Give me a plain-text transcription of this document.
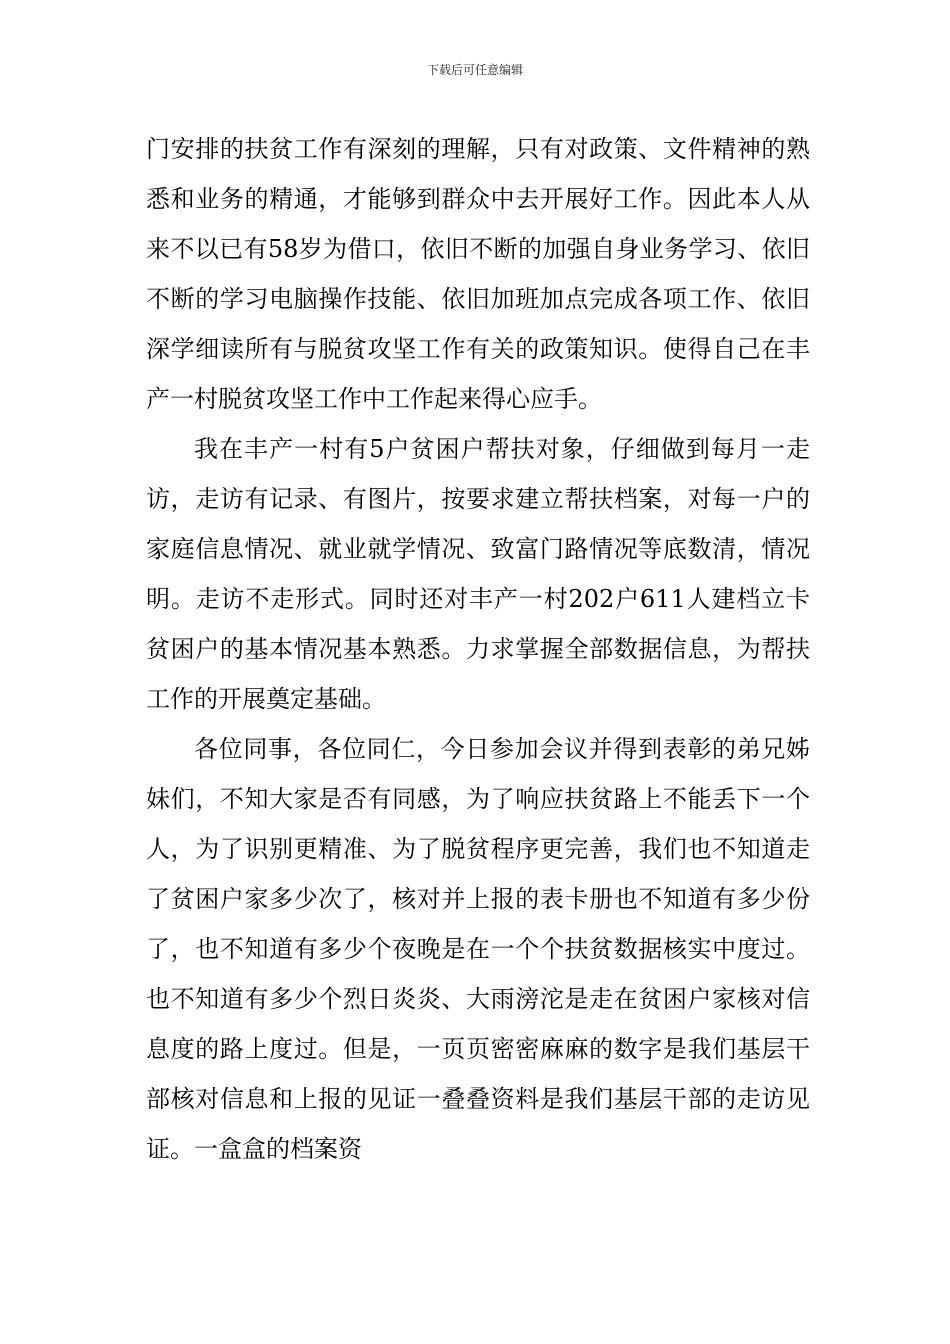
下载后可任意编辑

门安排的扶贫工作有深刻的理解，只有对政策、文件精神的熟悉和业务的精通，才能够到群众中去开展好工作。因此本人从来不以已有58岁为借口，依旧不断的加强自身业务学习、依旧不断的学习电脑操作技能、依旧加班加点完成各项工作、依旧深学细读所有与脱贫攻坚工作有关的政策知识。使得自己在丰产一村脱贫攻坚工作中工作起来得心应手。

我在丰产一村有5户贫困户帮扶对象，仔细做到每月一走访，走访有记录、有图片，按要求建立帮扶档案，对每一户的家庭信息情况、就业就学情况、致富门路情况等底数清，情况明。走访不走形式。同时还对丰产一村202户611人建档立卡贫困户的基本情况基本熟悉。力求掌握全部数据信息，为帮扶工作的开展奠定基础。

各位同事，各位同仁，今日参加会议并得到表彰的弟兄姊妹们，不知大家是否有同感，为了响应扶贫路上不能丢下一个人，为了识别更精准、为了脱贫程序更完善，我们也不知道走了贫困户家多少次了，核对并上报的表卡册也不知道有多少份了，也不知道有多少个夜晚是在一个个扶贫数据核实中度过。也不知道有多少个烈日炎炎、大雨滂沱是走在贫困户家核对信息度的路上度过。但是，一页页密密麻麻的数字是我们基层干部核对信息和上报的见证一叠叠资料是我们基层干部的走访见证。一盒盒的档案资
